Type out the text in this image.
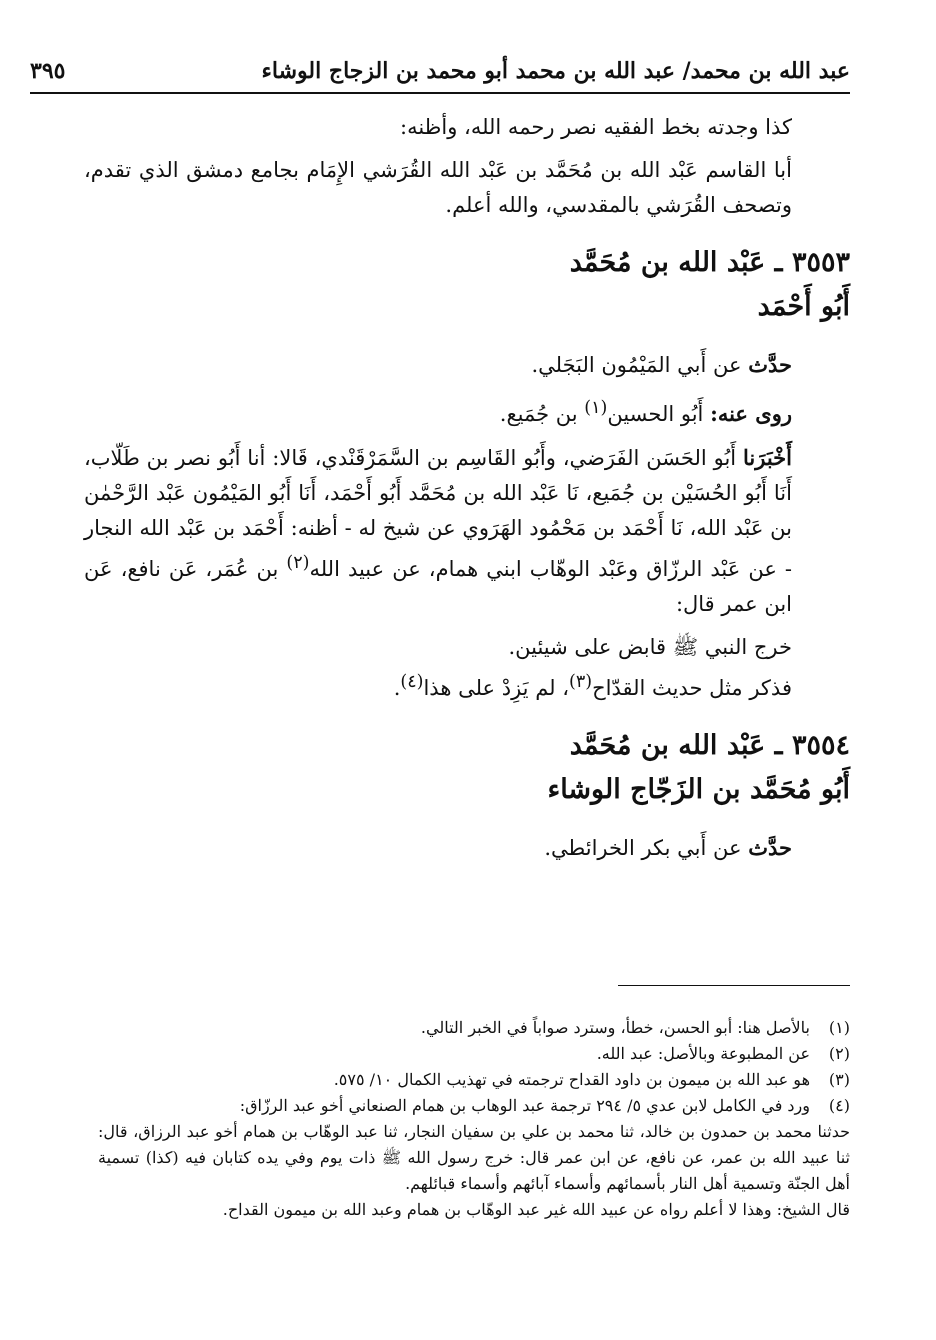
عبد الله بن محمد/ عبد الله بن محمد أبو محمد بن الزجاج الوشاء
٣٩٥

كذا وجدته بخط الفقيه نصر رحمه الله، وأظنه:

أبا القاسم عَبْد الله بن مُحَمَّد بن عَبْد الله القُرَشي الإِمَام بجامع دمشق الذي تقدم، وتصحف القُرَشي بالمقدسي، والله أعلم.

٣٥٥٣ ـ عَبْد الله بن مُحَمَّد

أَبُو أَحْمَد

حدَّث عن أَبي المَيْمُون البَجَلي.

روى عنه: أَبُو الحسين$^{(١)}$ بن جُمَيع.

أَخْبَرَنا أَبُو الحَسَن الفَرَضي، وأَبُو القَاسِم بن السَّمَرْقَنْدي، قَالا: أنا أَبُو نصر بن طَلّاب، أَنَا أَبُو الحُسَيْن بن جُمَيع، نَا عَبْد الله بن مُحَمَّد أَبُو أَحْمَد، أَنَا أَبُو المَيْمُون عَبْد الرَّحْمٰن بن عَبْد الله، نَا أَحْمَد بن مَحْمُود الهَرَوي عن شيخ له - أظنه: أَحْمَد بن عَبْد الله النجار - عن عَبْد الرزّاق وعَبْد الوهّاب ابني همام، عن عبيد الله$^{(٢)}$ بن عُمَر، عَن نافع، عَن ابن عمر قال:

خرج النبي ﷺ قابض على شيئين.

فذكر مثل حديث القدّاح$^{(٣)}$، لم يَزِدْ على هذا$^{(٤)}$.

٣٥٥٤ ـ عَبْد الله بن مُحَمَّد

أَبُو مُحَمَّد بن الزَجّاج الوشاء

حدَّث عن أَبي بكر الخرائطي.

(١)
بالأصل هنا: أبو الحسن، خطأ، وسترد صواباً في الخبر التالي.
(٢)
عن المطبوعة وبالأصل: عبد الله.
(٣)
هو عبد الله بن ميمون بن داود القداح ترجمته في تهذيب الكمال ١٠/ ٥٧٥.
(٤)
ورد في الكامل لابن عدي ٥/ ٢٩٤ ترجمة عبد الوهاب بن همام الصنعاني أخو عبد الرزّاق:
حدثنا محمد بن حمدون بن خالد، ثنا محمد بن علي بن سفيان النجار، ثنا عبد الوهّاب بن همام أخو عبد الرزاق، قال: ثنا عبيد الله بن عمر، عن نافع، عن ابن عمر قال: خرج رسول الله ﷺ ذات يوم وفي يده كتابان فيه (كذا) تسمية أهل الجنّة وتسمية أهل النار بأسمائهم وأسماء آبائهم وأسماء قبائلهم.
قال الشيخ: وهذا لا أعلم رواه عن عبيد الله غير عبد الوهّاب بن همام وعبد الله بن ميمون القداح.
